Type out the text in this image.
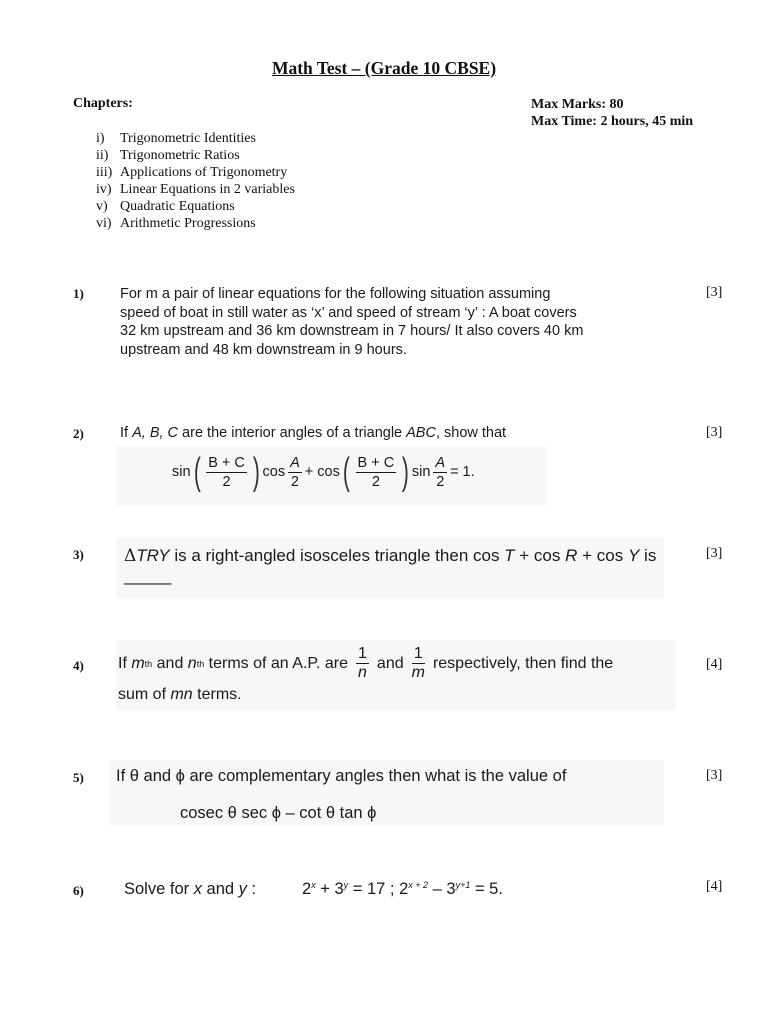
Math Test – (Grade 10 CBSE)
Chapters:	Max Marks: 80
Max Time: 2 hours, 45 min
i) Trigonometric Identities
ii) Trigonometric Ratios
iii) Applications of Trigonometry
iv) Linear Equations in 2 variables
v) Quadratic Equations
vi) Arithmetic Progressions
1)	[3]
For m a pair of linear equations for the following situation assuming
speed of boat in still water as ‘x’ and speed of stream ‘y’ : A boat covers
32 km upstream and 36 km downstream in 7 hours/ It also covers 40 km
upstream and 48 km downstream in 9 hours.
2)	[3]
If A, B, C are the interior angles of a triangle ABC, show that
sin ( $\frac{B + C}{2}$ ) $\cos \frac{A}{2}$ +
cos ( $\frac{B + C}{2}$ ) $\sin \frac{A}{2} = 1$.
3)	[3]
ΔTRY is a right-angled isosceles triangle then cos T + cos R + cos Y is
_____
4)	[4]
If
m th
and
n th
terms of an A.P. are $\frac{1}{n}$ and $\frac{1}{m}$ respectively, then find the
sum of mn terms.
5)	[3]
If θ and ϕ are complementary angles then what is the value of
cosec θ sec ϕ – cot θ tan ϕ
6)	[4]
Solve for x and y :	$2^x + 3^y = 17$ ; $2^{x + 2} - 3^{y+1} = 5$.
